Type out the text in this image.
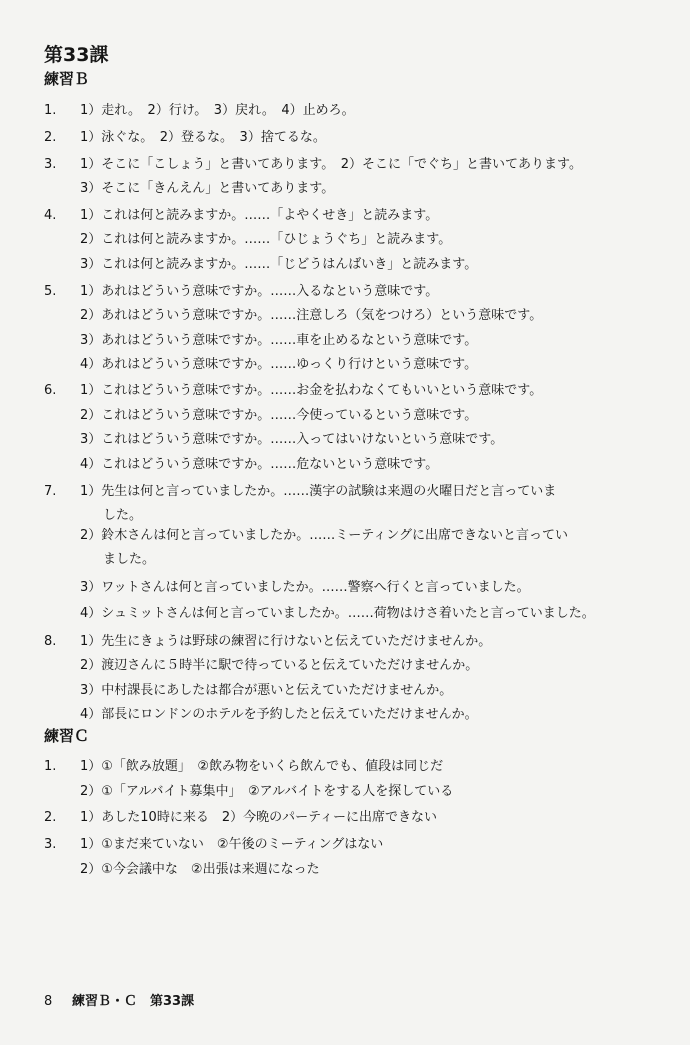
第33課
練習Ｂ

1. 1）走れ。　2）行け。　3）戻れ。　4）止めろ。
2. 1）泳ぐな。　2）登るな。　3）捨てるな。
3. 1）そこに「こしょう」と書いてあります。　2）そこに「でぐち」と書いてあります。
3）そこに「きんえん」と書いてあります。
4. 1）これは何と読みますか。……「よやくせき」と読みます。
2）これは何と読みますか。……「ひじょうぐち」と読みます。
3）これは何と読みますか。……「じどうはんばいき」と読みます。
5. 1）あれはどういう意味ですか。……入るなという意味です。
2）あれはどういう意味ですか。……注意しろ（気をつけろ）という意味です。
3）あれはどういう意味ですか。……車を止めるなという意味です。
4）あれはどういう意味ですか。……ゆっくり行けという意味です。
6. 1）これはどういう意味ですか。……お金を払わなくてもいいという意味です。
2）これはどういう意味ですか。……今使っているという意味です。
3）これはどういう意味ですか。……入ってはいけないという意味です。
4）これはどういう意味ですか。……危ないという意味です。
7. 1）先生は何と言っていましたか。……漢字の試験は来週の火曜日だと言っていま
した。
2）鈴木さんは何と言っていましたか。……ミーティングに出席できないと言ってい
ました。
3）ワットさんは何と言っていましたか。……警察へ行くと言っていました。
4）シュミットさんは何と言っていましたか。……荷物はけさ着いたと言っていました。
8. 1）先生にきょうは野球の練習に行けないと伝えていただけませんか。
2）渡辺さんに５時半に駅で待っていると伝えていただけませんか。
3）中村課長にあしたは都合が悪いと伝えていただけませんか。
4）部長にロンドンのホテルを予約したと伝えていただけませんか。
練習Ｃ
1. 1）①「飲み放題」　②飲み物をいくら飲んでも、値段は同じだ
2）①「アルバイト募集中」　②アルバイトをする人を探している
2. 1）あした10時に来る　2）今晩のパーティーに出席できない
3. 1）①まだ来ていない　②午後のミーティングはない
2）①今会議中な　②出張は来週になった
8 練習Ｂ・Ｃ　第33課
